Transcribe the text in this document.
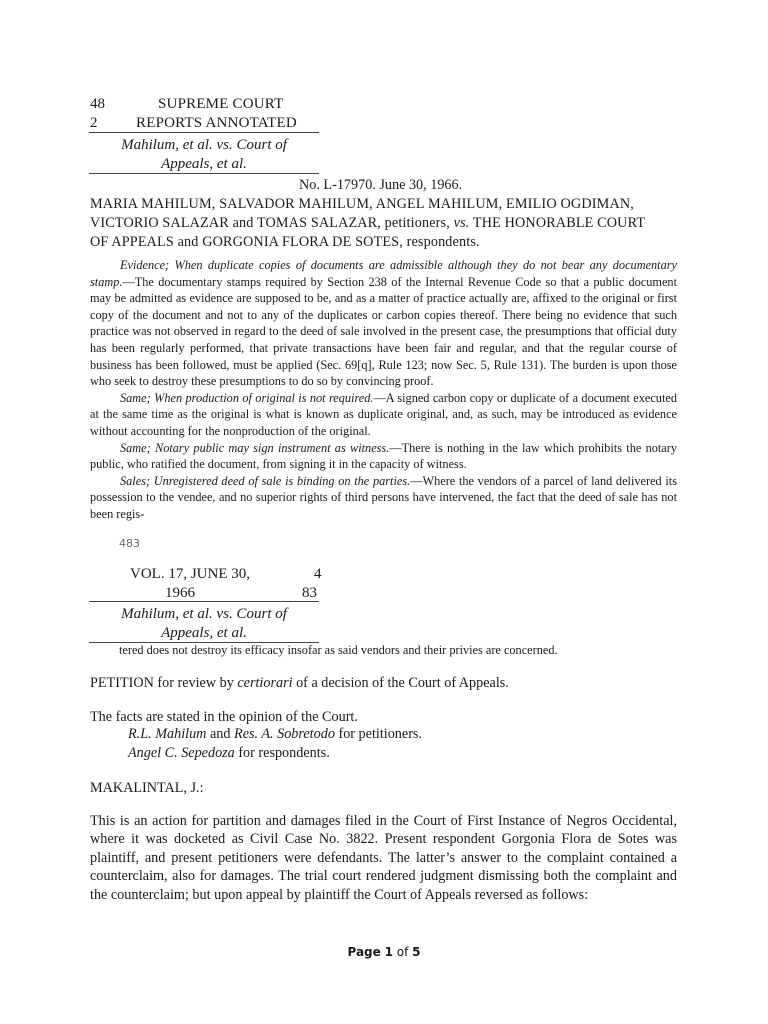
48
2
SUPREME COURT
REPORTS ANNOTATED
Mahilum, et al. vs. Court of
Appeals, et al.
No. L-17970. June 30, 1966.
MARIA MAHILUM, SALVADOR MAHILUM, ANGEL MAHILUM, EMILIO OGDIMAN,
VICTORIO SALAZAR and TOMAS SALAZAR, petitioners, vs. THE HONORABLE COURT
OF APPEALS and GORGONIA FLORA DE SOTES, respondents.
Evidence; When duplicate copies of documents are admissible although they do not bear any documentary stamp.—The documentary stamps required by Section 238 of the Internal Revenue Code so that a public document may be admitted as evidence are supposed to be, and as a matter of practice actually are, affixed to the original or first copy of the document and not to any of the duplicates or carbon copies thereof. There being no evidence that such practice was not observed in regard to the deed of sale involved in the present case, the presumptions that official duty has been regularly performed, that private transactions have been fair and regular, and that the regular course of business has been followed, must be applied (Sec. 69[q], Rule 123; now Sec. 5, Rule 131). The burden is upon those who seek to destroy these presumptions to do so by convincing proof.
Same; When production of original is not required.—A signed carbon copy or duplicate of a document executed at the same time as the original is what is known as duplicate original, and, as such, may be introduced as evidence without accounting for the nonproduction of the original.
Same; Notary public may sign instrument as witness.—There is nothing in the law which prohibits the notary public, who ratified the document, from signing it in the capacity of witness.
Sales; Unregistered deed of sale is binding on the parties.—Where the vendors of a parcel of land delivered its possession to the vendee, and no superior rights of third persons have intervened, the fact that the deed of sale has not been regis-
483
VOL. 17, JUNE 30,
1966
4
83
Mahilum, et al. vs. Court of
Appeals, et al.
tered does not destroy its efficacy insofar as said vendors and their privies are concerned.
PETITION for review by certiorari of a decision of the Court of Appeals.
The facts are stated in the opinion of the Court.
R.L. Mahilum and Res. A. Sobretodo for petitioners.
Angel C. Sepedoza for respondents.
MAKALINTAL, J.:
This is an action for partition and damages filed in the Court of First Instance of Negros Occidental, where it was docketed as Civil Case No. 3822. Present respondent Gorgonia Flora de Sotes was plaintiff, and present petitioners were defendants. The latter’s answer to the complaint contained a counterclaim, also for damages. The trial court rendered judgment dismissing both the complaint and the counterclaim; but upon appeal by plaintiff the Court of Appeals reversed as follows:
Page 1 of 5
